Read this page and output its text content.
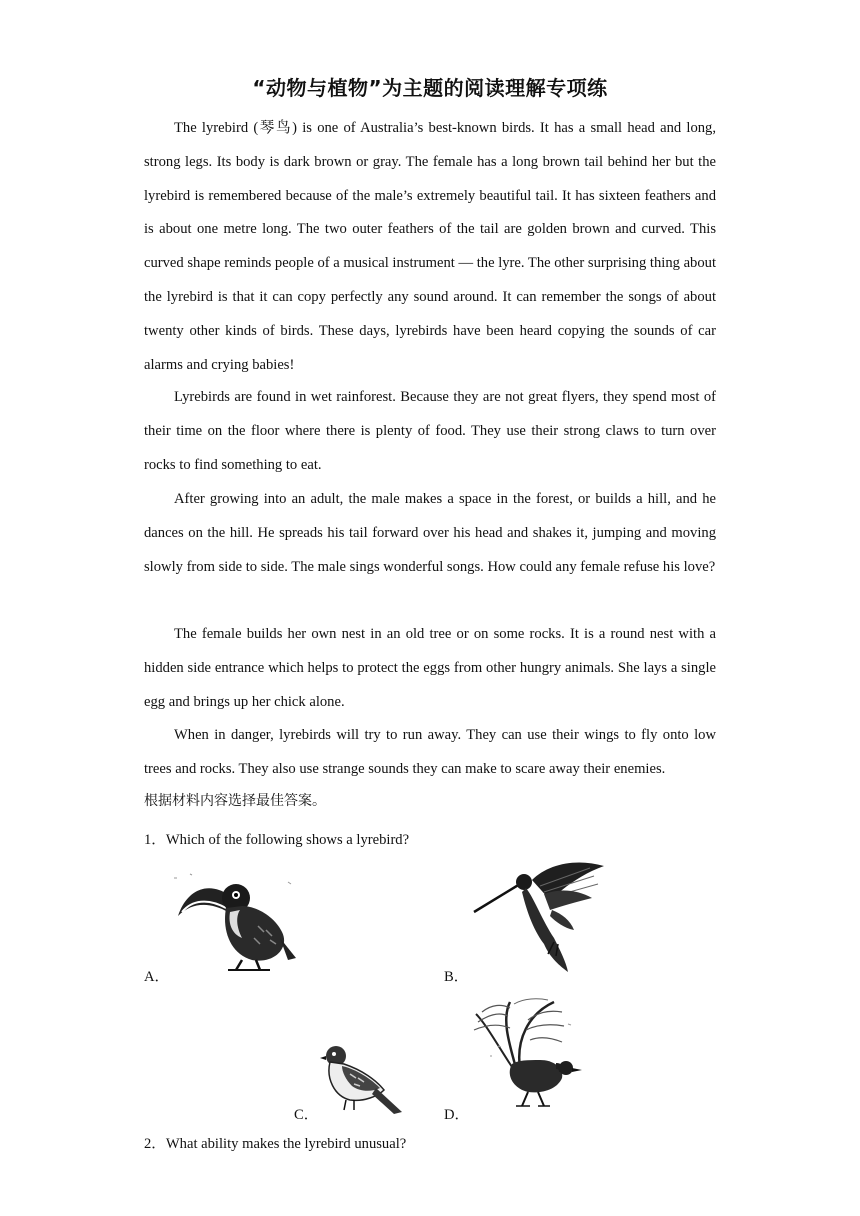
“动物与植物”为主题的阅读理解专项练
The lyrebird (琴鸟) is one of Australia’s best-known birds. It has a small head and long, strong legs. Its body is dark brown or gray. The female has a long brown tail behind her but the lyrebird is remembered because of the male’s extremely beautiful tail. It has sixteen feathers and is about one metre long. The two outer feathers of the tail are golden brown and curved. This curved shape reminds people of a musical instrument — the lyre. The other surprising thing about the lyrebird is that it can copy perfectly any sound around. It can remember the songs of about twenty other kinds of birds. These days, lyrebirds have been heard copying the sounds of car alarms and crying babies!
Lyrebirds are found in wet rainforest. Because they are not great flyers, they spend most of their time on the floor where there is plenty of food. They use their strong claws to turn over rocks to find something to eat.
After growing into an adult, the male makes a space in the forest, or builds a hill, and he dances on the hill. He spreads his tail forward over his head and shakes it, jumping and moving slowly from side to side. The male sings wonderful songs. How could any female refuse his love?
The female builds her own nest in an old tree or on some rocks. It is a round nest with a hidden side entrance which helps to protect the eggs from other hungry animals. She lays a single egg and brings up her chick alone.
When in danger, lyrebirds will try to run away. They can use their wings to fly onto low trees and rocks. They also use strange sounds they can make to scare away their enemies.
根据材料内容选择最佳答案。
1．Which of the following shows a lyrebird?
A．	B．
C．	D．
2．What ability makes the lyrebird unusual?
